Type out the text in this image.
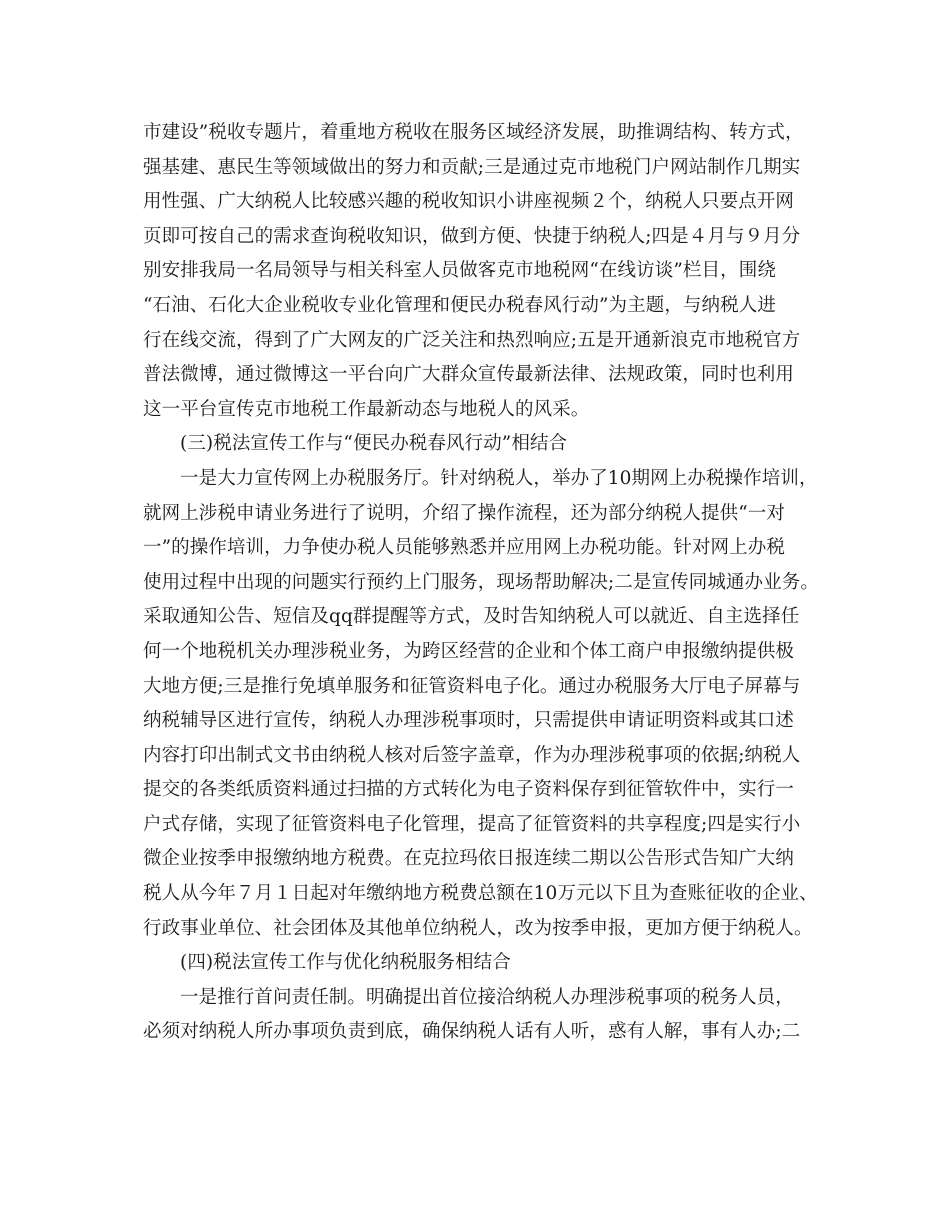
市建设”税收专题片，着重地方税收在服务区域经济发展，助推调结构、转方式，
强基建、惠民生等领域做出的努力和贡献;三是通过克市地税门户网站制作几期实
用性强、广大纳税人比较感兴趣的税收知识小讲座视频２个，纳税人只要点开网
页即可按自己的需求查询税收知识，做到方便、快捷于纳税人;四是４月与９月分
别安排我局一名局领导与相关科室人员做客克市地税网“在线访谈”栏目，围绕
“石油、石化大企业税收专业化管理和便民办税春风行动”为主题，与纳税人进
行在线交流，得到了广大网友的广泛关注和热烈响应;五是开通新浪克市地税官方
普法微博，通过微博这一平台向广大群众宣传最新法律、法规政策，同时也利用
这一平台宣传克市地税工作最新动态与地税人的风采。
(三)税法宣传工作与“便民办税春风行动”相结合
一是大力宣传网上办税服务厅。针对纳税人，举办了10期网上办税操作培训，
就网上涉税申请业务进行了说明，介绍了操作流程，还为部分纳税人提供“一对
一”的操作培训，力争使办税人员能够熟悉并应用网上办税功能。针对网上办税
使用过程中出现的问题实行预约上门服务，现场帮助解决;二是宣传同城通办业务。
采取通知公告、短信及qq群提醒等方式，及时告知纳税人可以就近、自主选择任
何一个地税机关办理涉税业务，为跨区经营的企业和个体工商户申报缴纳提供极
大地方便;三是推行免填单服务和征管资料电子化。通过办税服务大厅电子屏幕与
纳税辅导区进行宣传，纳税人办理涉税事项时，只需提供申请证明资料或其口述
内容打印出制式文书由纳税人核对后签字盖章，作为办理涉税事项的依据;纳税人
提交的各类纸质资料通过扫描的方式转化为电子资料保存到征管软件中，实行一
户式存储，实现了征管资料电子化管理，提高了征管资料的共享程度;四是实行小
微企业按季申报缴纳地方税费。在克拉玛依日报连续二期以公告形式告知广大纳
税人从今年７月１日起对年缴纳地方税费总额在10万元以下且为查账征收的企业、
行政事业单位、社会团体及其他单位纳税人，改为按季申报，更加方便于纳税人。
(四)税法宣传工作与优化纳税服务相结合
一是推行首问责任制。明确提出首位接洽纳税人办理涉税事项的税务人员，
必须对纳税人所办事项负责到底，确保纳税人话有人听，惑有人解，事有人办;二
